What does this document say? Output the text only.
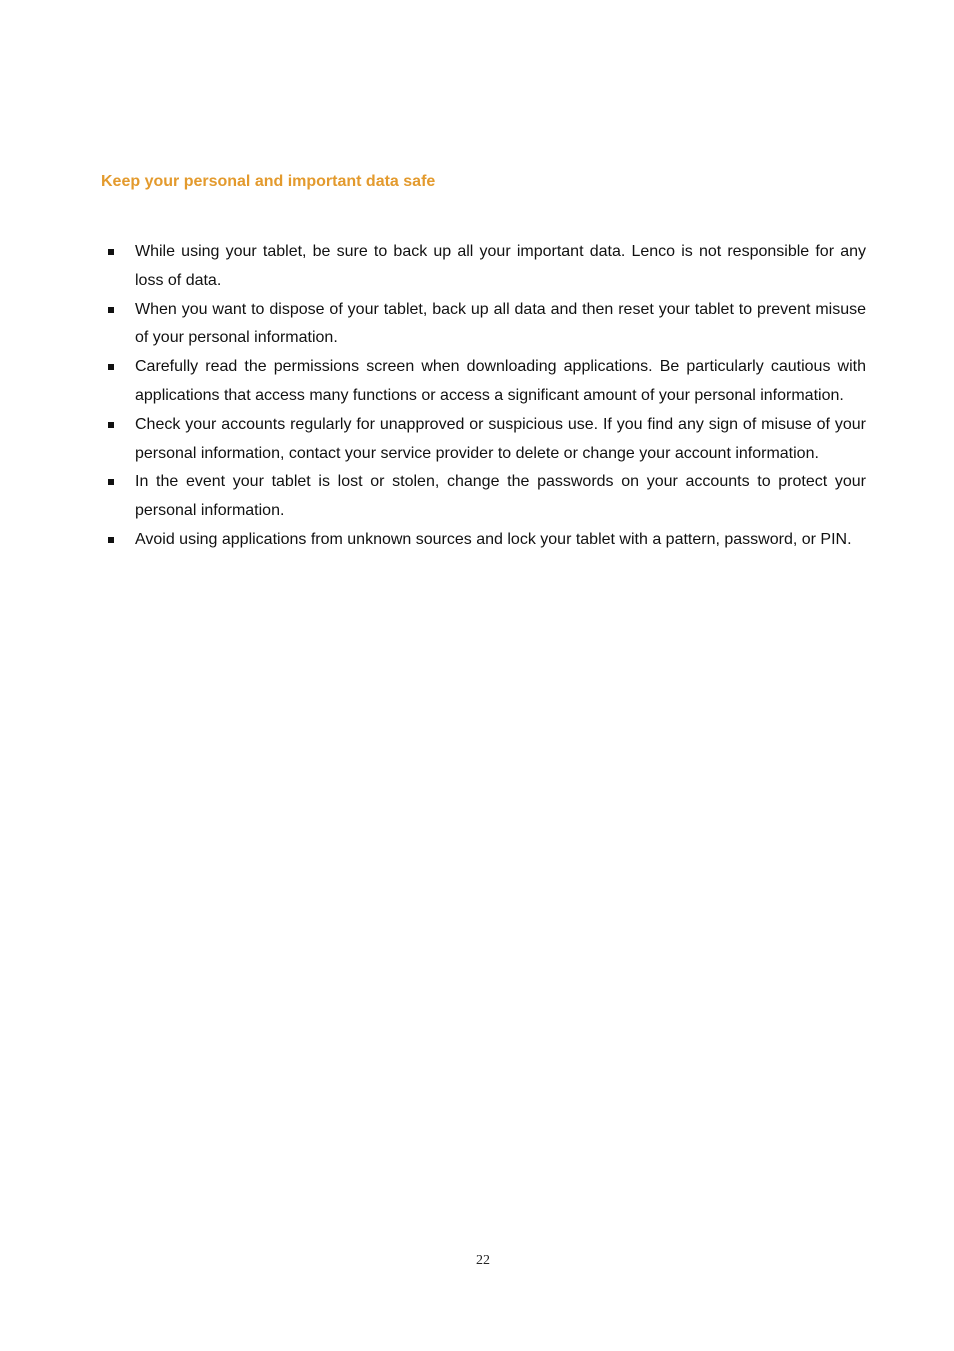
Keep your personal and important data safe
While using your tablet, be sure to back up all your important data. Lenco is not responsible for any loss of data.
When you want to dispose of your tablet, back up all data and then reset your tablet to prevent misuse of your personal information.
Carefully read the permissions screen when downloading applications. Be particularly cautious with applications that access many functions or access a significant amount of your personal information.
Check your accounts regularly for unapproved or suspicious use. If you find any sign of misuse of your personal information, contact your service provider to delete or change your account information.
In the event your tablet is lost or stolen, change the passwords on your accounts to protect your personal information.
Avoid using applications from unknown sources and lock your tablet with a pattern, password, or PIN.
22
